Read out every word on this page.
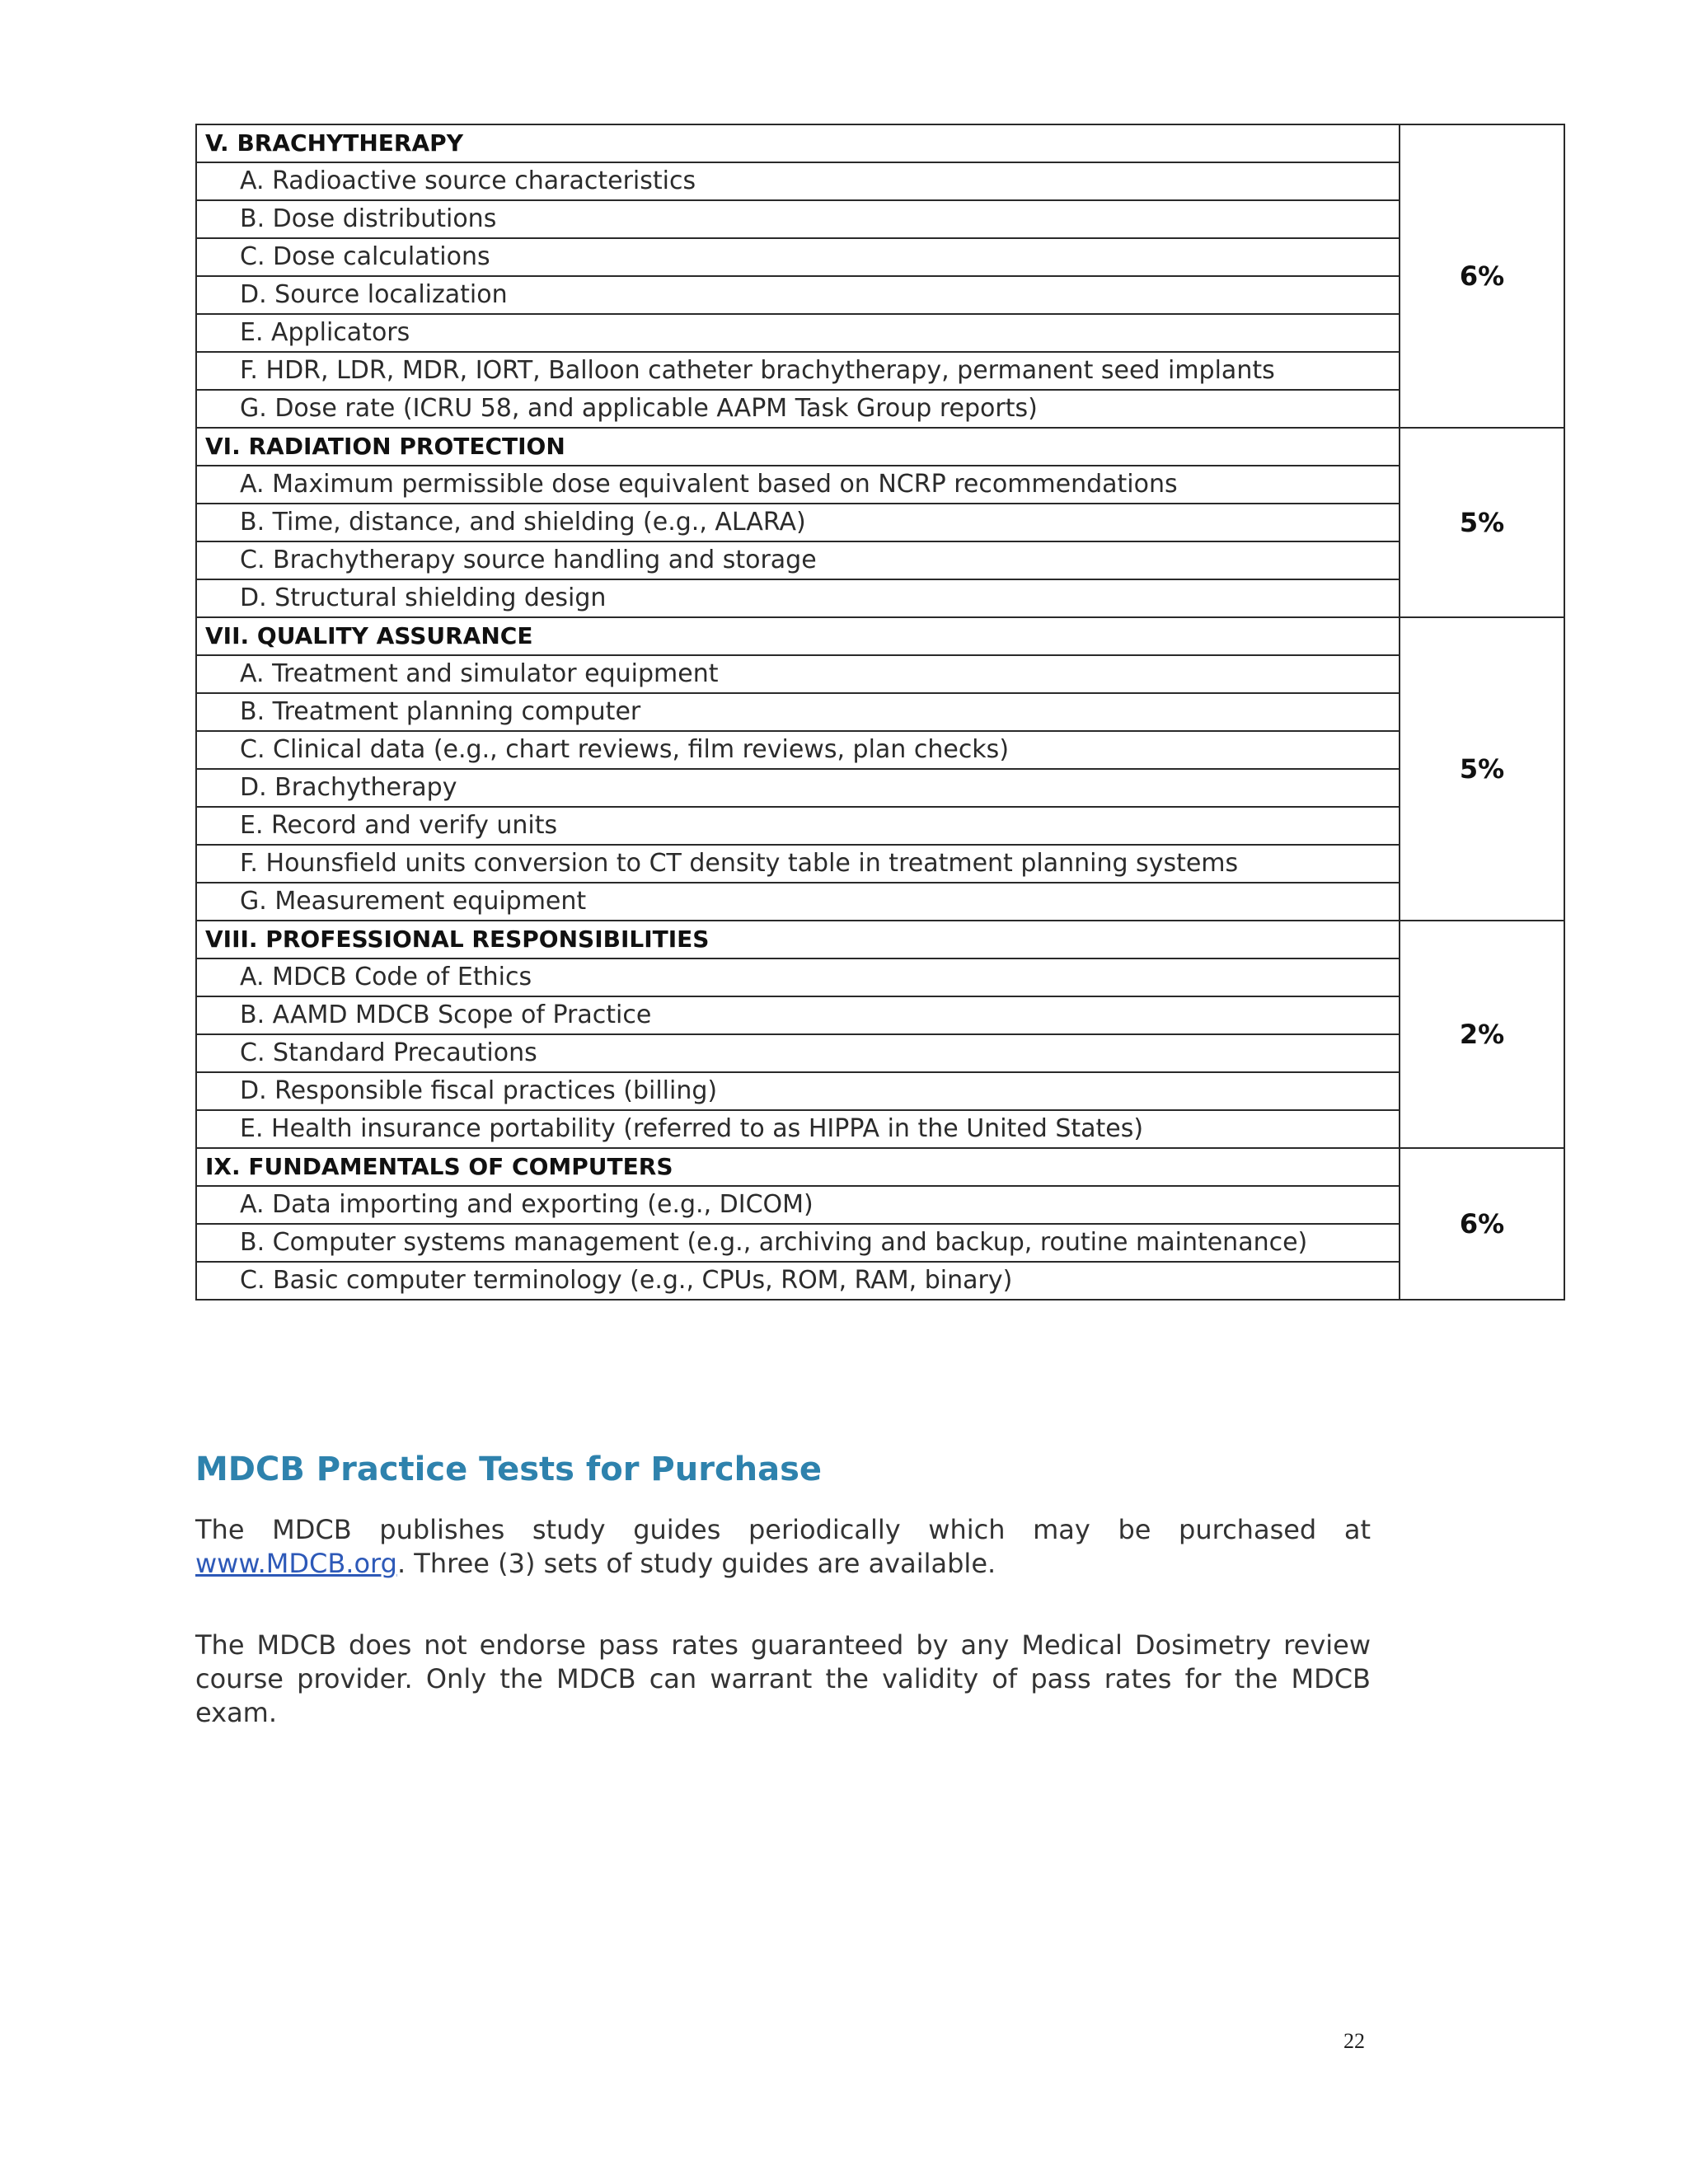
V. BRACHYTHERAPY	6%
A. Radioactive source characteristics	
B. Dose distributions	
C. Dose calculations	
D. Source localization	
E. Applicators	
F. HDR, LDR, MDR, IORT, Balloon catheter brachytherapy, permanent seed implants	
G. Dose rate (ICRU 58, and applicable AAPM Task Group reports)	
VI. RADIATION PROTECTION	5%
A. Maximum permissible dose equivalent based on NCRP recommendations	
B. Time, distance, and shielding (e.g., ALARA)	
C. Brachytherapy source handling and storage	
D. Structural shielding design	
VII. QUALITY ASSURANCE	5%
A. Treatment and simulator equipment	
B. Treatment planning computer	
C. Clinical data (e.g., chart reviews, film reviews, plan checks)	
D. Brachytherapy	
E. Record and verify units	
F. Hounsfield units conversion to CT density table in treatment planning systems	
G. Measurement equipment	
VIII. PROFESSIONAL RESPONSIBILITIES	2%
A. MDCB Code of Ethics	
B. AAMD MDCB Scope of Practice	
C. Standard Precautions	
D. Responsible fiscal practices (billing)	
E. Health insurance portability (referred to as HIPPA in the United States)	
IX. FUNDAMENTALS OF COMPUTERS	6%
A. Data importing and exporting (e.g., DICOM)	
B. Computer systems management (e.g., archiving and backup, routine maintenance)	
C. Basic computer terminology (e.g., CPUs, ROM, RAM, binary)	
MDCB Practice Tests for Purchase

The MDCB publishes study guides periodically which may be purchased at www.MDCB.org. Three (3) sets of study guides are available.

The MDCB does not endorse pass rates guaranteed by any Medical Dosimetry review course provider. Only the MDCB can warrant the validity of pass rates for the MDCB exam.

22
